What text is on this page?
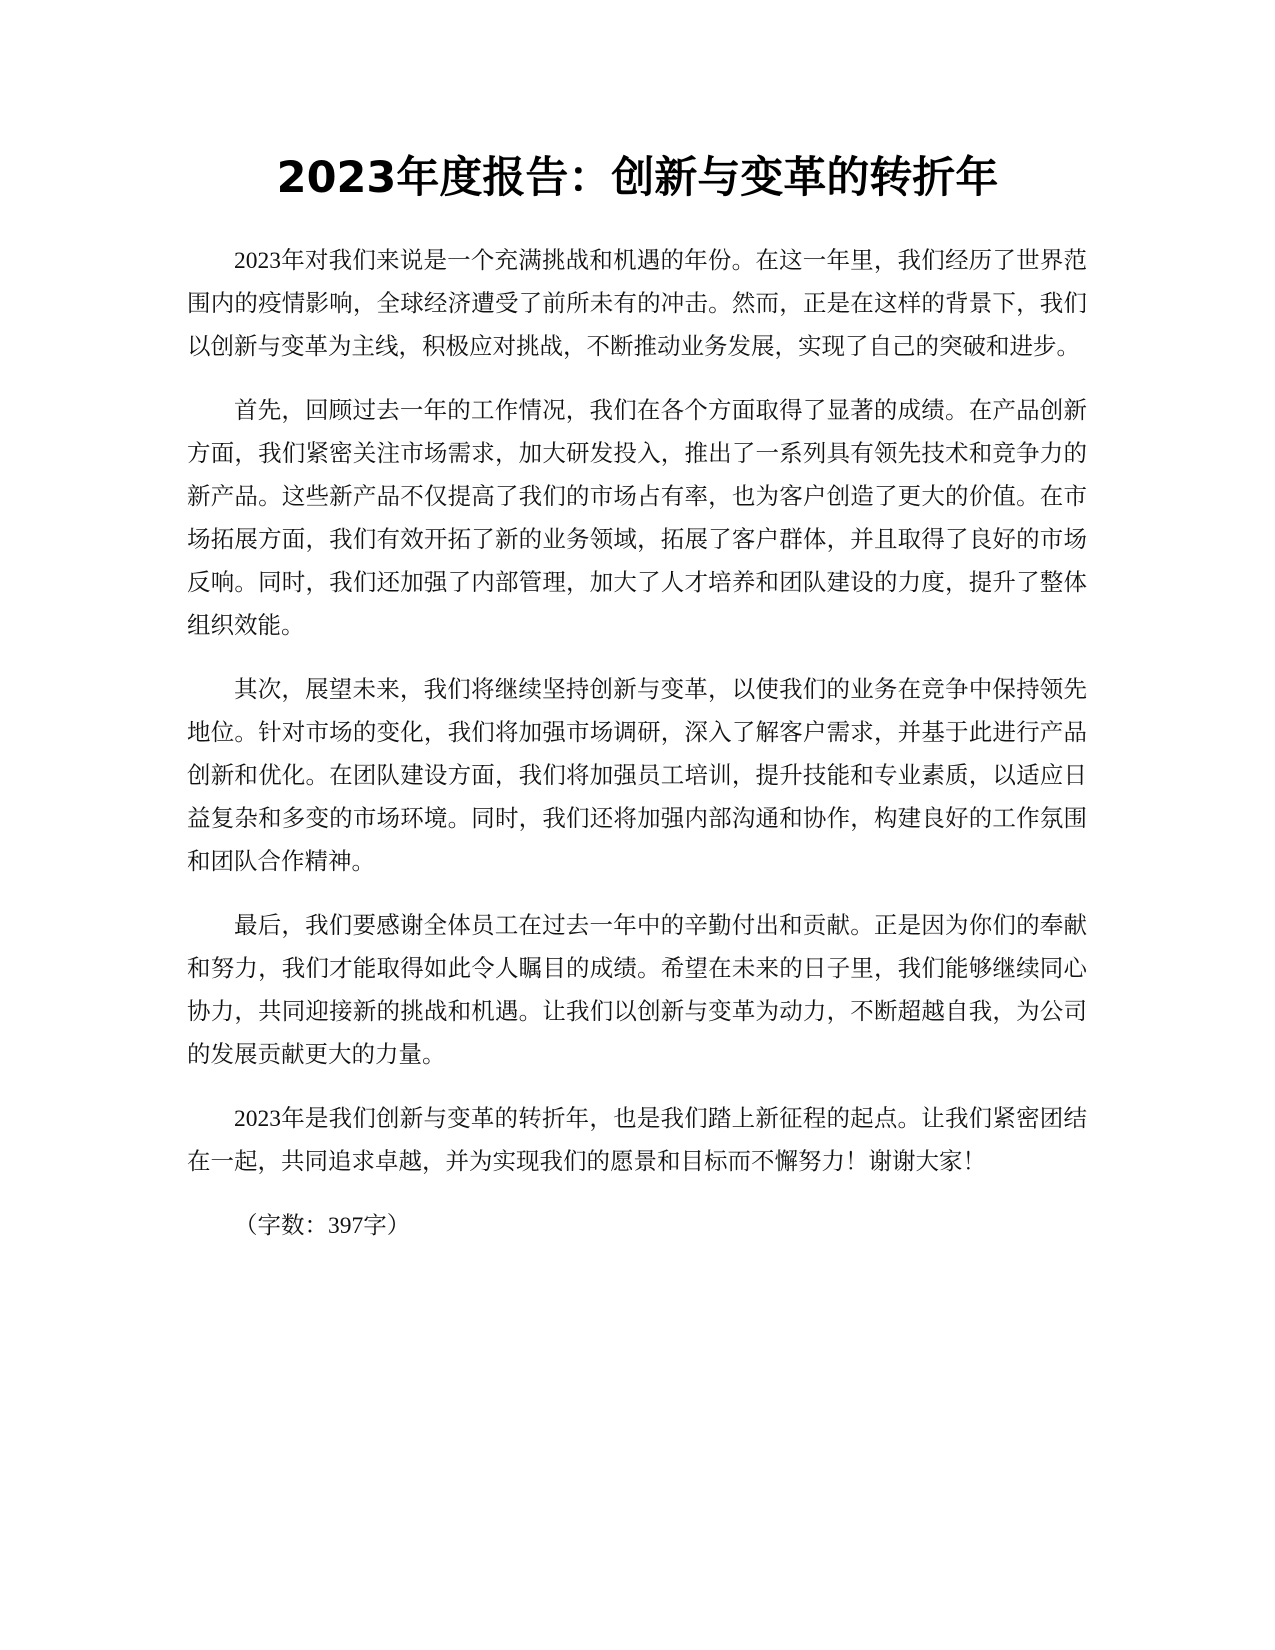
2023年度报告：创新与变革的转折年

2023年对我们来说是一个充满挑战和机遇的年份。在这一年里，我们经历了世界范围内的疫情影响，全球经济遭受了前所未有的冲击。然而，正是在这样的背景下，我们以创新与变革为主线，积极应对挑战，不断推动业务发展，实现了自己的突破和进步。

首先，回顾过去一年的工作情况，我们在各个方面取得了显著的成绩。在产品创新方面，我们紧密关注市场需求，加大研发投入，推出了一系列具有领先技术和竞争力的新产品。这些新产品不仅提高了我们的市场占有率，也为客户创造了更大的价值。在市场拓展方面，我们有效开拓了新的业务领域，拓展了客户群体，并且取得了良好的市场反响。同时，我们还加强了内部管理，加大了人才培养和团队建设的力度，提升了整体组织效能。

其次，展望未来，我们将继续坚持创新与变革，以使我们的业务在竞争中保持领先地位。针对市场的变化，我们将加强市场调研，深入了解客户需求，并基于此进行产品创新和优化。在团队建设方面，我们将加强员工培训，提升技能和专业素质，以适应日益复杂和多变的市场环境。同时，我们还将加强内部沟通和协作，构建良好的工作氛围和团队合作精神。

最后，我们要感谢全体员工在过去一年中的辛勤付出和贡献。正是因为你们的奉献和努力，我们才能取得如此令人瞩目的成绩。希望在未来的日子里，我们能够继续同心协力，共同迎接新的挑战和机遇。让我们以创新与变革为动力，不断超越自我，为公司的发展贡献更大的力量。

2023年是我们创新与变革的转折年，也是我们踏上新征程的起点。让我们紧密团结在一起，共同追求卓越，并为实现我们的愿景和目标而不懈努力！谢谢大家！

（字数：397字）
